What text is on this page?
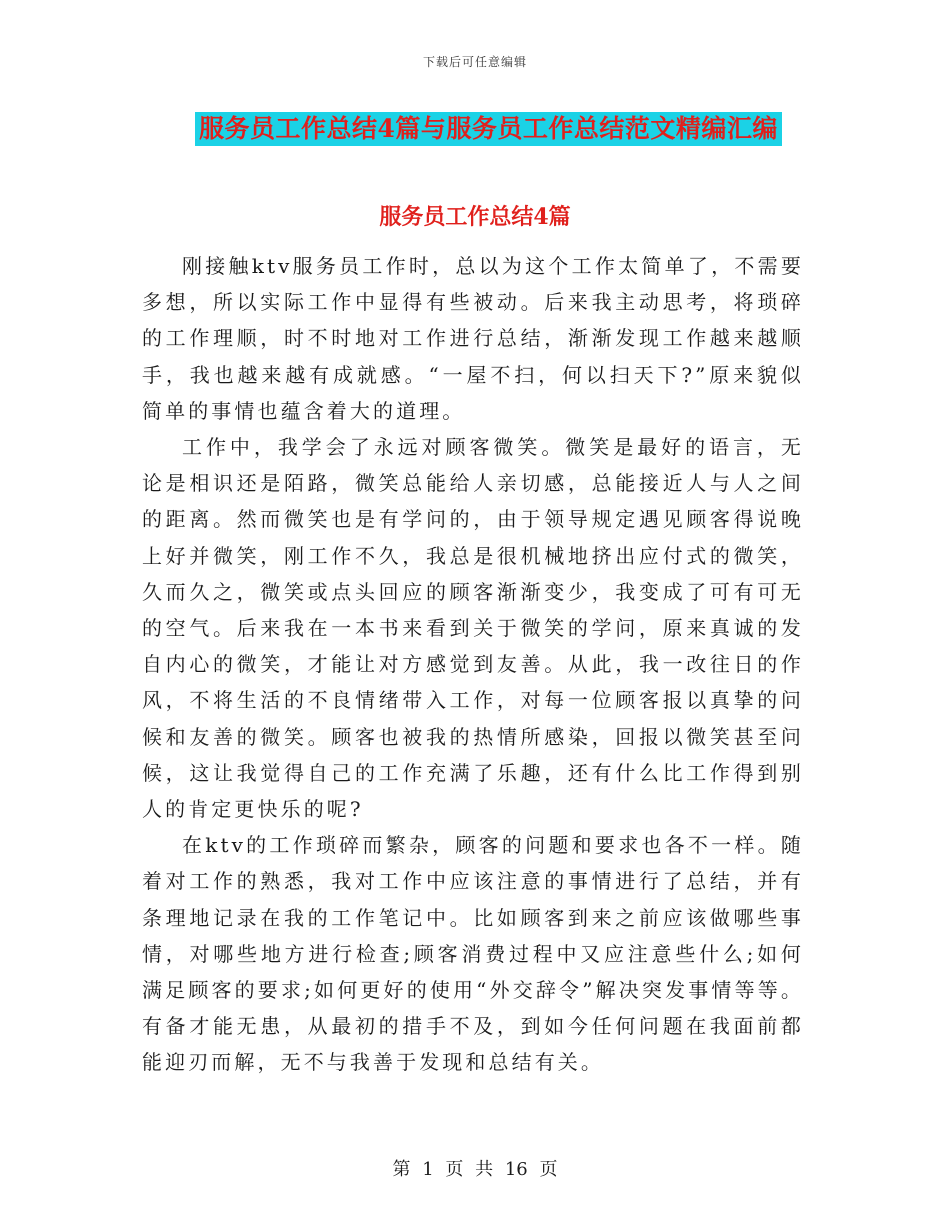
下载后可任意编辑
服务员工作总结4篇与服务员工作总结范文精编汇编
服务员工作总结4篇

刚接触ktv服务员工作时，总以为这个工作太简单了，不需要多想，所以实际工作中显得有些被动。后来我主动思考，将琐碎的工作理顺，时不时地对工作进行总结，渐渐发现工作越来越顺手，我也越来越有成就感。“一屋不扫，何以扫天下?”原来貌似简单的事情也蕴含着大的道理。

工作中，我学会了永远对顾客微笑。微笑是最好的语言，无论是相识还是陌路，微笑总能给人亲切感，总能接近人与人之间的距离。然而微笑也是有学问的，由于领导规定遇见顾客得说晚上好并微笑，刚工作不久，我总是很机械地挤出应付式的微笑，久而久之，微笑或点头回应的顾客渐渐变少，我变成了可有可无的空气。后来我在一本书来看到关于微笑的学问，原来真诚的发自内心的微笑，才能让对方感觉到友善。从此，我一改往日的作风，不将生活的不良情绪带入工作，对每一位顾客报以真挚的问候和友善的微笑。顾客也被我的热情所感染，回报以微笑甚至问候，这让我觉得自己的工作充满了乐趣，还有什么比工作得到别人的肯定更快乐的呢?

在ktv的工作琐碎而繁杂，顾客的问题和要求也各不一样。随着对工作的熟悉，我对工作中应该注意的事情进行了总结，并有条理地记录在我的工作笔记中。比如顾客到来之前应该做哪些事情，对哪些地方进行检查;顾客消费过程中又应注意些什么;如何满足顾客的要求;如何更好的使用“外交辞令”解决突发事情等等。有备才能无患，从最初的措手不及，到如今任何问题在我面前都能迎刃而解，无不与我善于发现和总结有关。

第 1 页 共 16 页
